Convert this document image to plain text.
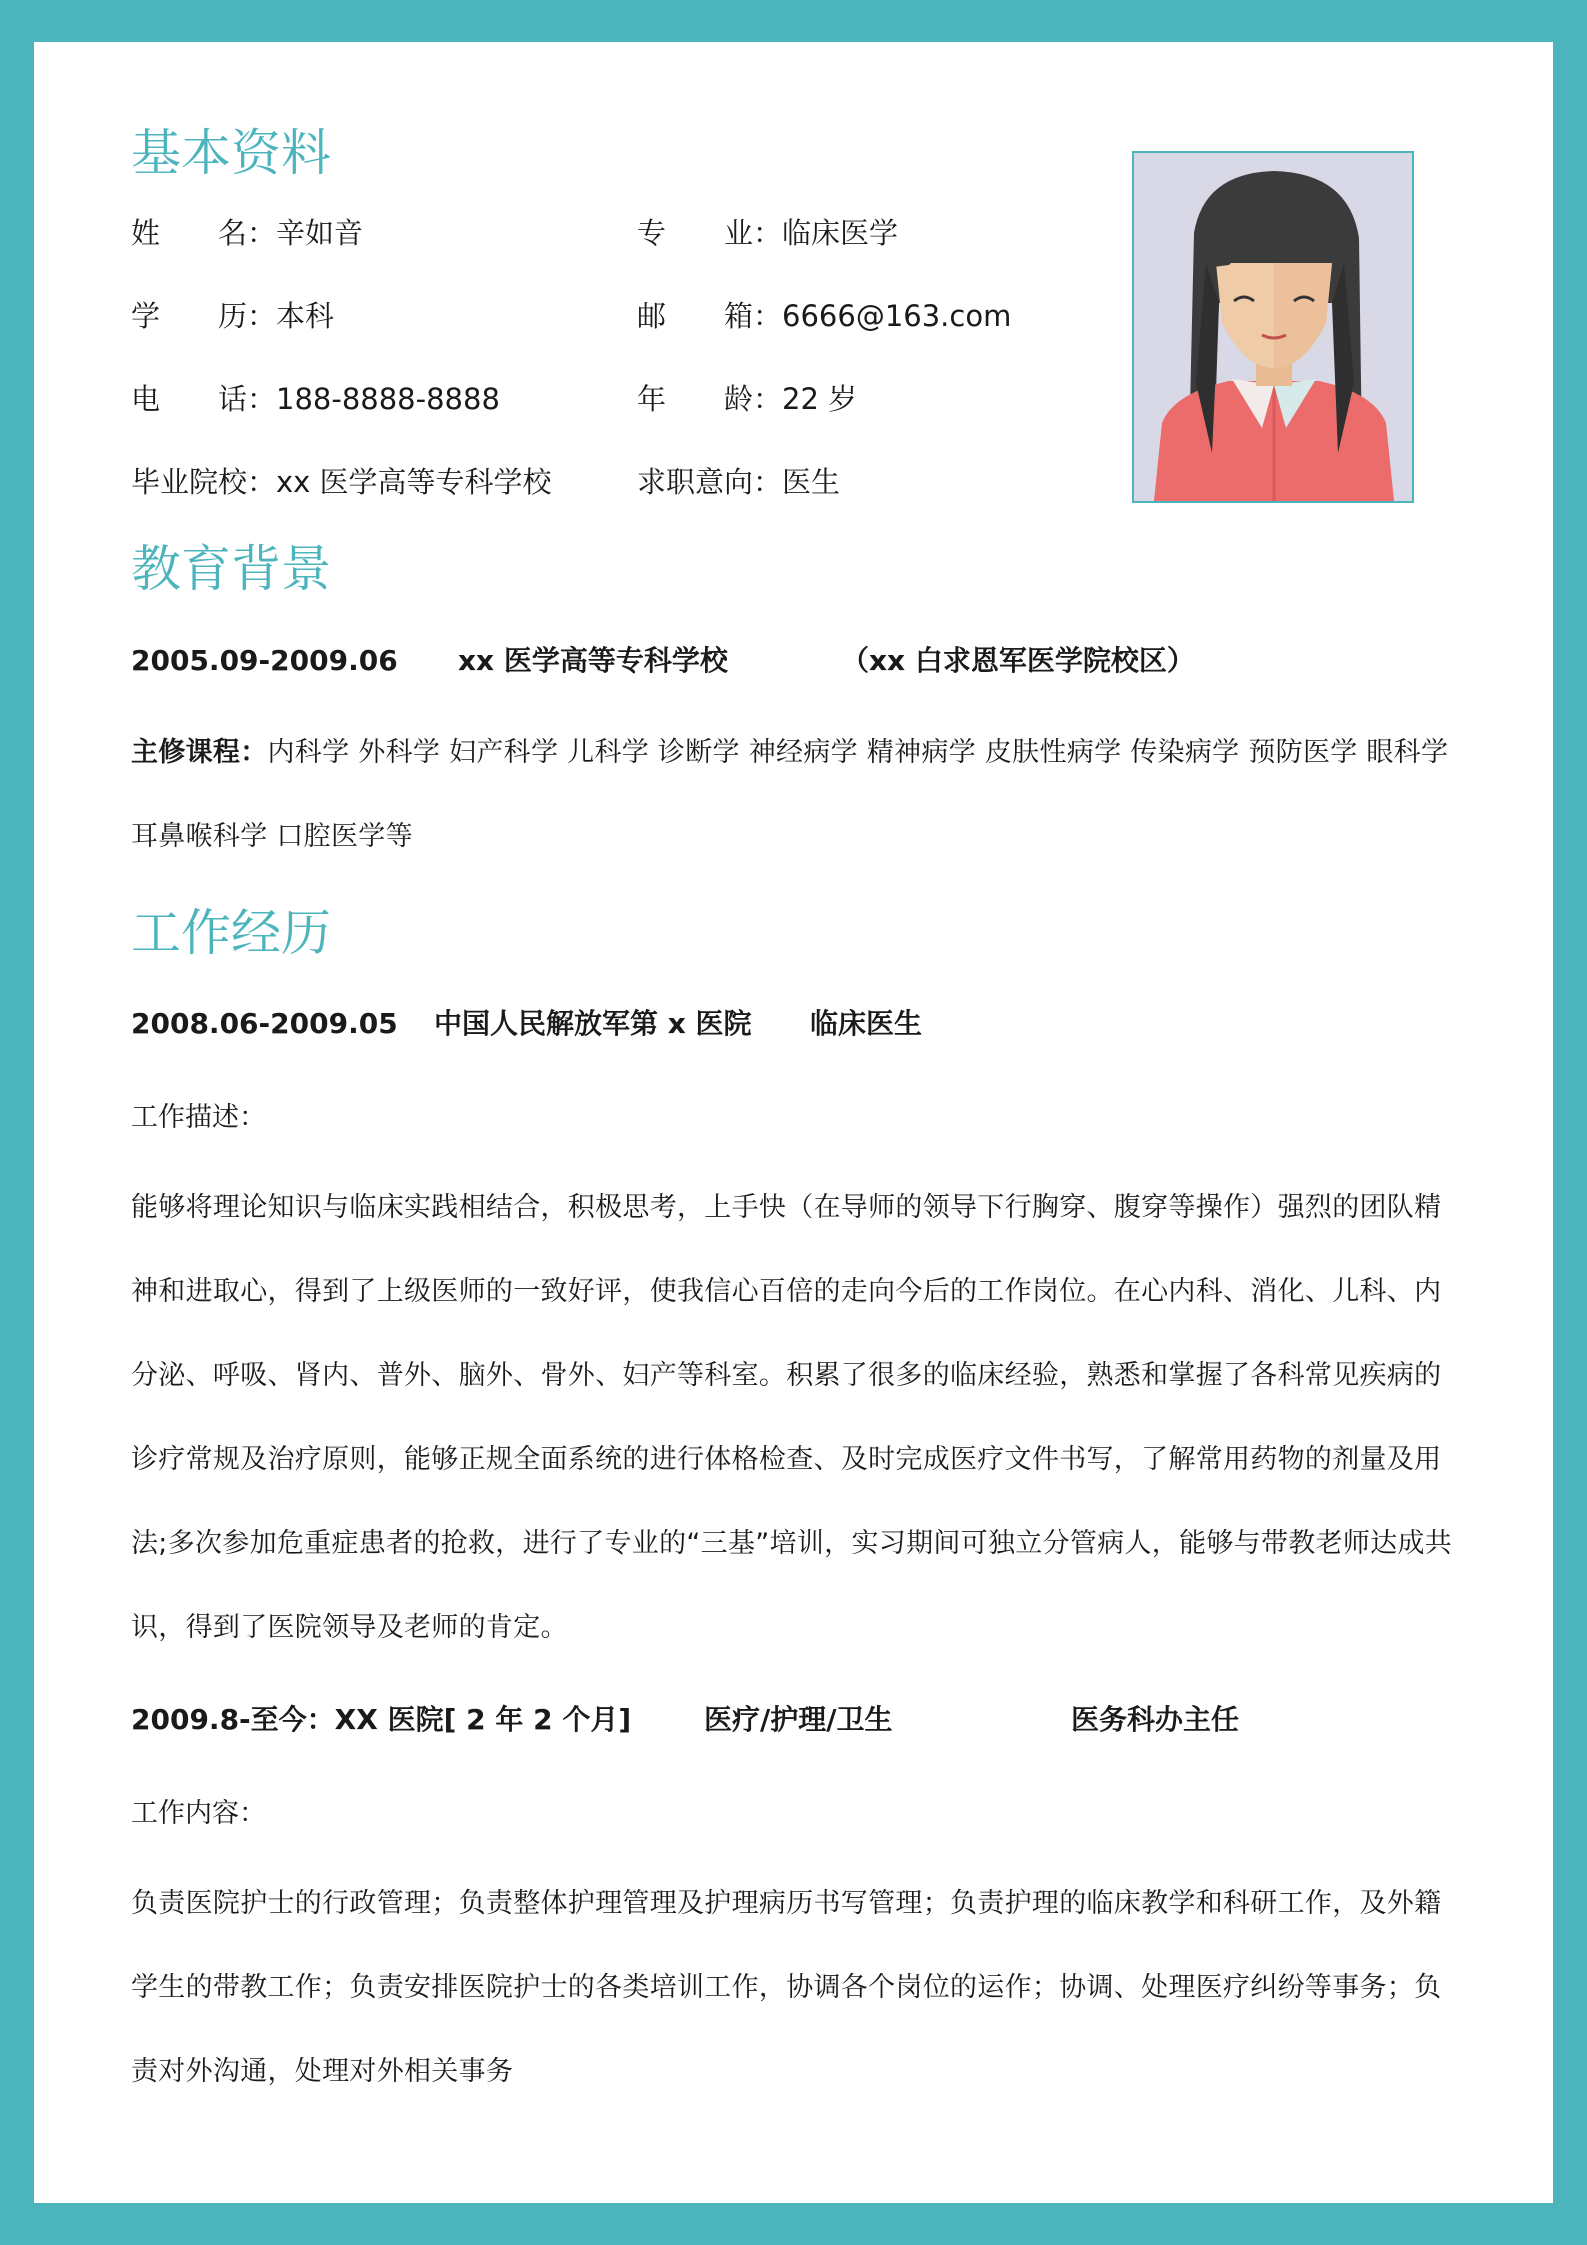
基本资料
姓　　名：辛如音	专　　业：临床医学
学　　历：本科	邮　　箱：6666@163.com
电　　话：188-8888-8888	年　　龄：22 岁
毕业院校：xx 医学高等专科学校	求职意向：医生
教育背景
2005.09-2009.06 xx 医学高等专科学校	（xx 白求恩军医学院校区）

主修课程：内科学 外科学 妇产科学 儿科学 诊断学 神经病学 精神病学 皮肤性病学 传染病学 预防医学 眼科学 耳鼻喉科学 口腔医学等

工作经历
2008.06-2009.05 中国人民解放军第 x 医院 临床医生
工作描述：

能够将理论知识与临床实践相结合，积极思考，上手快（在导师的领导下行胸穿、腹穿等操作）强烈的团队精神和进取心，得到了上级医师的一致好评，使我信心百倍的走向今后的工作岗位。在心内科、消化、儿科、内分泌、呼吸、肾内、普外、脑外、骨外、妇产等科室。积累了很多的临床经验，熟悉和掌握了各科常见疾病的诊疗常规及治疗原则，能够正规全面系统的进行体格检查、及时完成医疗文件书写，了解常用药物的剂量及用法;多次参加危重症患者的抢救，进行了专业的“三基”培训，实习期间可独立分管病人，能够与带教老师达成共识，得到了医院领导及老师的肯定。

2009.8-至今：XX 医院[ 2 年 2 个月]	医疗/护理/卫生	医务科办主任
工作内容：

负责医院护士的行政管理；负责整体护理管理及护理病历书写管理；负责护理的临床教学和科研工作，及外籍学生的带教工作；负责安排医院护士的各类培训工作，协调各个岗位的运作；协调、处理医疗纠纷等事务；负责对外沟通，处理对外相关事务
